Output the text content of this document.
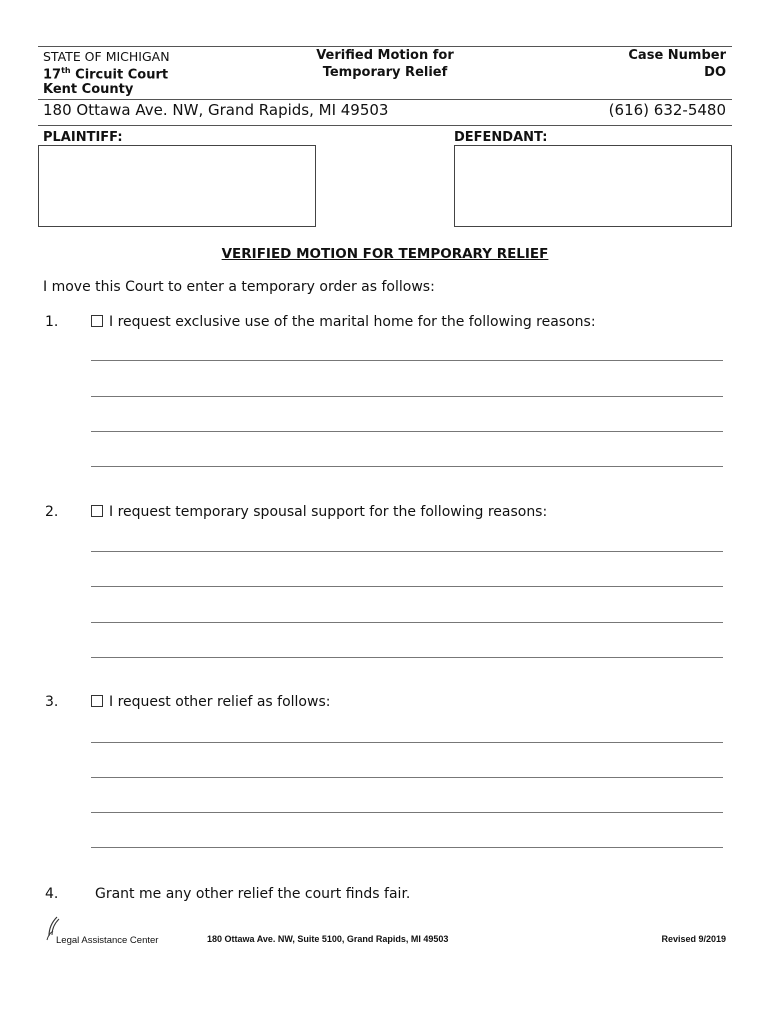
STATE OF MICHIGAN
17th Circuit Court
Kent County
Verified Motion for
Temporary Relief
Case Number
DO
180 Ottawa Ave. NW, Grand Rapids, MI 49503	(616) 632-5480
PLAINTIFF:	DEFENDANT:
VERIFIED MOTION FOR TEMPORARY RELIEF
I move this Court to enter a temporary order as follows:
1.	I request exclusive use of the marital home for the following reasons:
2.	I request temporary spousal support for the following reasons:
3.	I request other relief as follows:
4.	Grant me any other relief the court finds fair.
Legal Assistance Center	180 Ottawa Ave. NW, Suite 5100, Grand Rapids, MI 49503	Revised 9/2019
